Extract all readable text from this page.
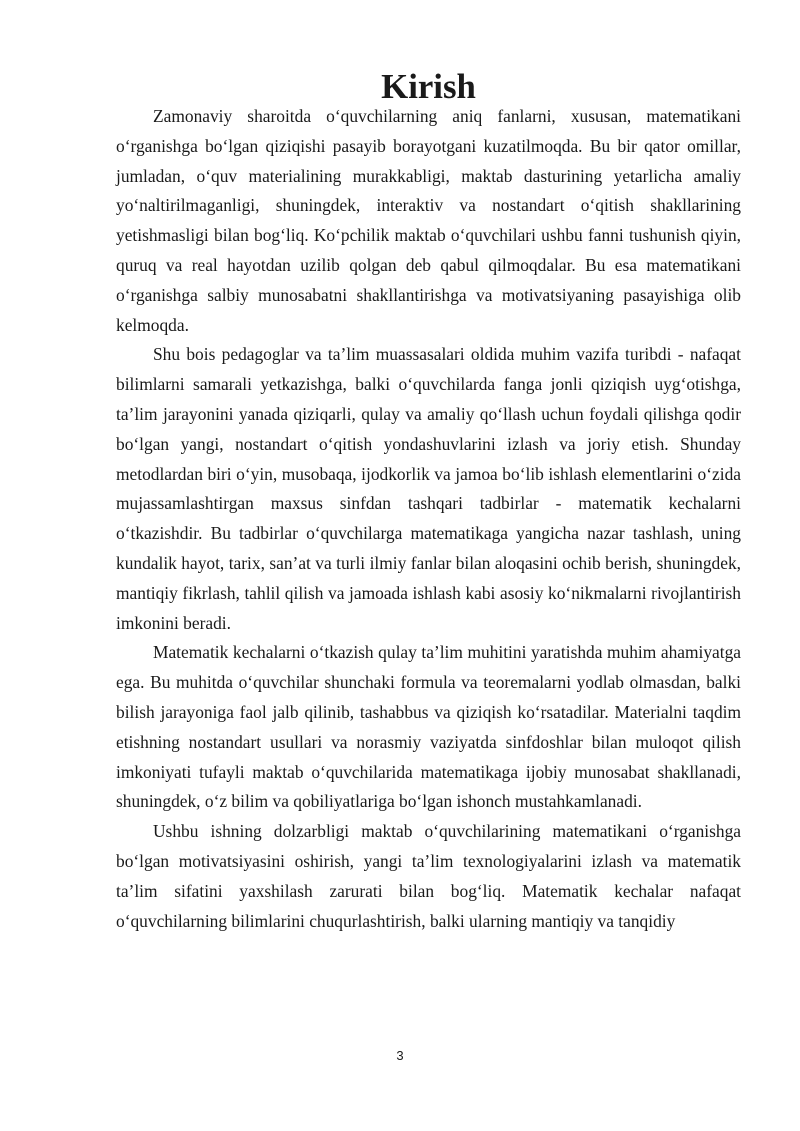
Kirish

Zamonaviy sharoitda o‘quvchilarning aniq fanlarni, xususan, matematikani o‘rganishga bo‘lgan qiziqishi pasayib borayotgani kuzatilmoqda. Bu bir qator omillar, jumladan, o‘quv materialining murakkabligi, maktab dasturining yetarlicha amaliy yo‘naltirilmaganligi, shuningdek, interaktiv va nostandart o‘qitish shakllarining yetishmasligi bilan bog‘liq. Ko‘pchilik maktab o‘quvchilari ushbu fanni tushunish qiyin, quruq va real hayotdan uzilib qolgan deb qabul qilmoqdalar. Bu esa matematikani o‘rganishga salbiy munosabatni shakllantirishga va motivatsiyaning pasayishiga olib kelmoqda.

Shu bois pedagoglar va ta’lim muassasalari oldida muhim vazifa turibdi - nafaqat bilimlarni samarali yetkazishga, balki o‘quvchilarda fanga jonli qiziqish uyg‘otishga, ta’lim jarayonini yanada qiziqarli, qulay va amaliy qo‘llash uchun foydali qilishga qodir bo‘lgan yangi, nostandart o‘qitish yondashuvlarini izlash va joriy etish. Shunday metodlardan biri o‘yin, musobaqa, ijodkorlik va jamoa bo‘lib ishlash elementlarini o‘zida mujassamlashtirgan maxsus sinfdan tashqari tadbirlar - matematik kechalarni o‘tkazishdir. Bu tadbirlar o‘quvchilarga matematikaga yangicha nazar tashlash, uning kundalik hayot, tarix, san’at va turli ilmiy fanlar bilan aloqasini ochib berish, shuningdek, mantiqiy fikrlash, tahlil qilish va jamoada ishlash kabi asosiy ko‘nikmalarni rivojlantirish imkonini beradi.

Matematik kechalarni o‘tkazish qulay ta’lim muhitini yaratishda muhim ahamiyatga ega. Bu muhitda o‘quvchilar shunchaki formula va teoremalarni yodlab olmasdan, balki bilish jarayoniga faol jalb qilinib, tashabbus va qiziqish ko‘rsatadilar. Materialni taqdim etishning nostandart usullari va norasmiy vaziyatda sinfdoshlar bilan muloqot qilish imkoniyati tufayli maktab o‘quvchilarida matematikaga ijobiy munosabat shakllanadi, shuningdek, o‘z bilim va qobiliyatlariga bo‘lgan ishonch mustahkamlanadi.

Ushbu ishning dolzarbligi maktab o‘quvchilarining matematikani o‘rganishga bo‘lgan motivatsiyasini oshirish, yangi ta’lim texnologiyalarini izlash va matematik ta’lim sifatini yaxshilash zarurati bilan bog‘liq. Matematik kechalar nafaqat o‘quvchilarning bilimlarini chuqurlashtirish, balki ularning mantiqiy va tanqidiy

3
